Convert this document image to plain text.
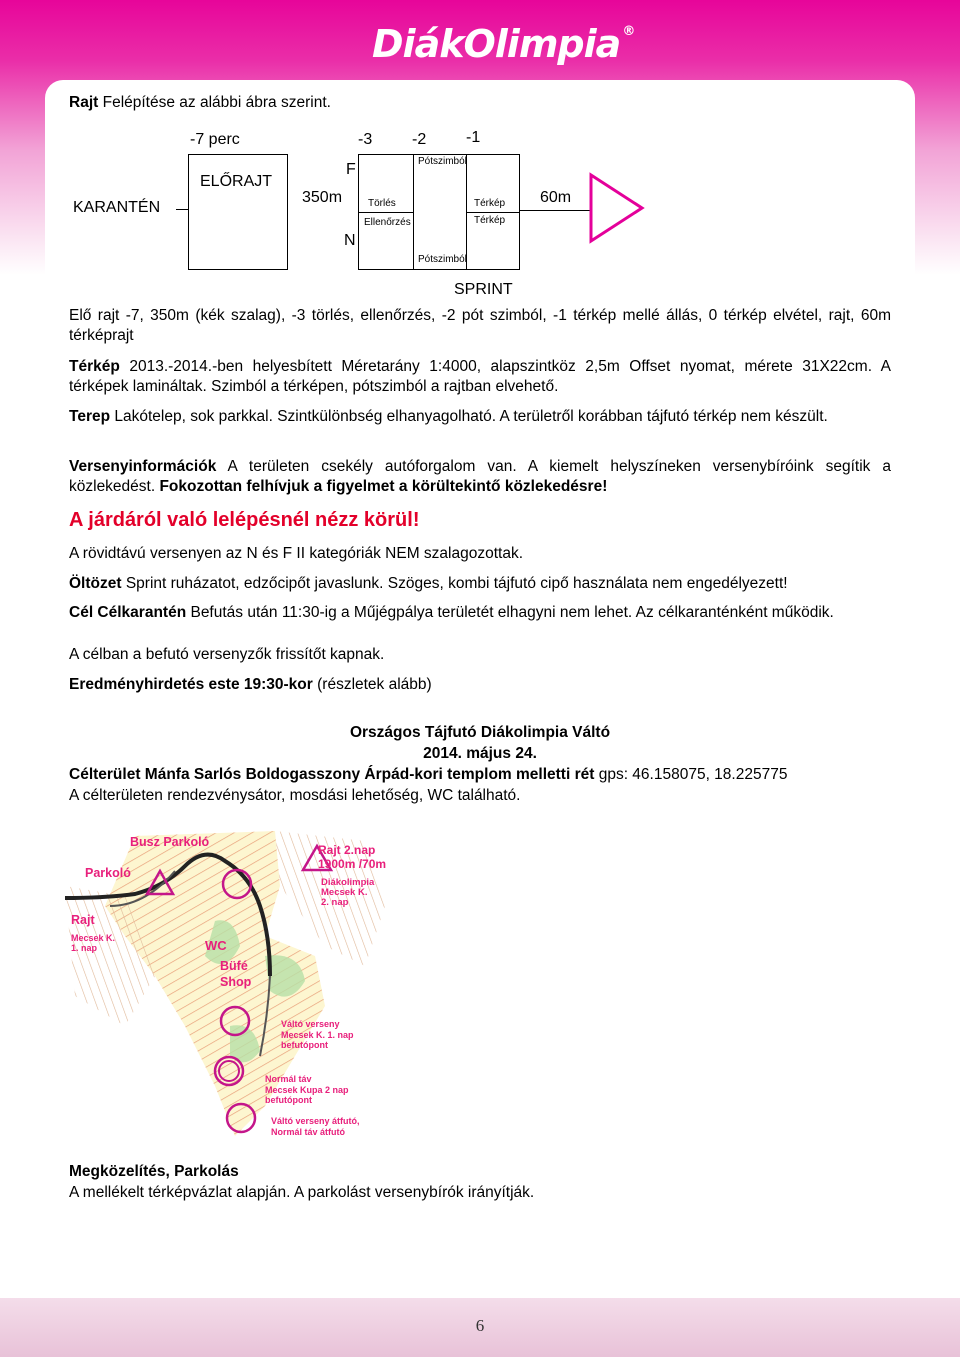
DiákOlimpia ®
Rajt Felépítése az alábbi ábra szerint.
-7 perc	-3 -2 -1
KARANTÉN
ELŐRAJT
F
350m
N
Törlés
Ellenőrzés
Pótszimból
Pótszimból
Térkép
Térkép
60m
SPRINT
Elő rajt -7, 350m (kék szalag), -3 törlés, ellenőrzés, -2 pót szimból, -1 térkép mellé állás, 0 térkép elvétel, rajt, 60m térképrajt
Térkép 2013.-2014.-ben helyesbített Méretarány 1:4000, alapszintköz 2,5m Offset nyomat, mérete 31X22cm. A térképek lamináltak. Szimból a térképen, pótszimból a rajtban elvehető.
Terep Lakótelep, sok parkkal. Szintkülönbség elhanyagolható. A területről korábban tájfutó térkép nem készült.
Versenyinformációk A területen csekély autóforgalom van. A kiemelt helyszíneken versenybíróink segítik a közlekedést. Fokozottan felhívjuk a figyelmet a körültekintő közlekedésre!
A járdáról való lelépésnél nézz körül!
A rövidtávú versenyen az N és F II kategóriák NEM szalagozottak.
Öltözet Sprint ruházatot, edzőcipőt javaslunk. Szöges, kombi tájfutó cipő használata nem engedélyezett!
Cél Célkarantén Befutás után 11:30-ig a Műjégpálya területét elhagyni nem lehet. Az célkaranténként működik.
A célban a befutó versenyzők frissítőt kapnak.
Eredményhirdetés este 19:30-kor (részletek alább)
Országos Tájfutó Diákolimpia Váltó
2014. május 24.
Célterület Mánfa Sarlós Boldogasszony Árpád-kori templom melletti rét gps: 46.158075, 18.225775
A célterületen rendezvénysátor, mosdási lehetőség, WC található.
Busz Parkoló
Parkoló
Rajt 2.nap
1900m /70m
Diákolimpia
Mecsek K.
2. nap
Rajt
Mecsek K.
1. nap	WC
Büfé
Shop
Váltó verseny
Mecsek K. 1. nap
befutópont
Normál táv
Mecsek Kupa 2 nap
befutópont
Váltó verseny átfutó,
Normál táv átfutó
Megközelítés, Parkolás
A mellékelt térképvázlat alapján. A parkolást versenybírók irányítják.
6
